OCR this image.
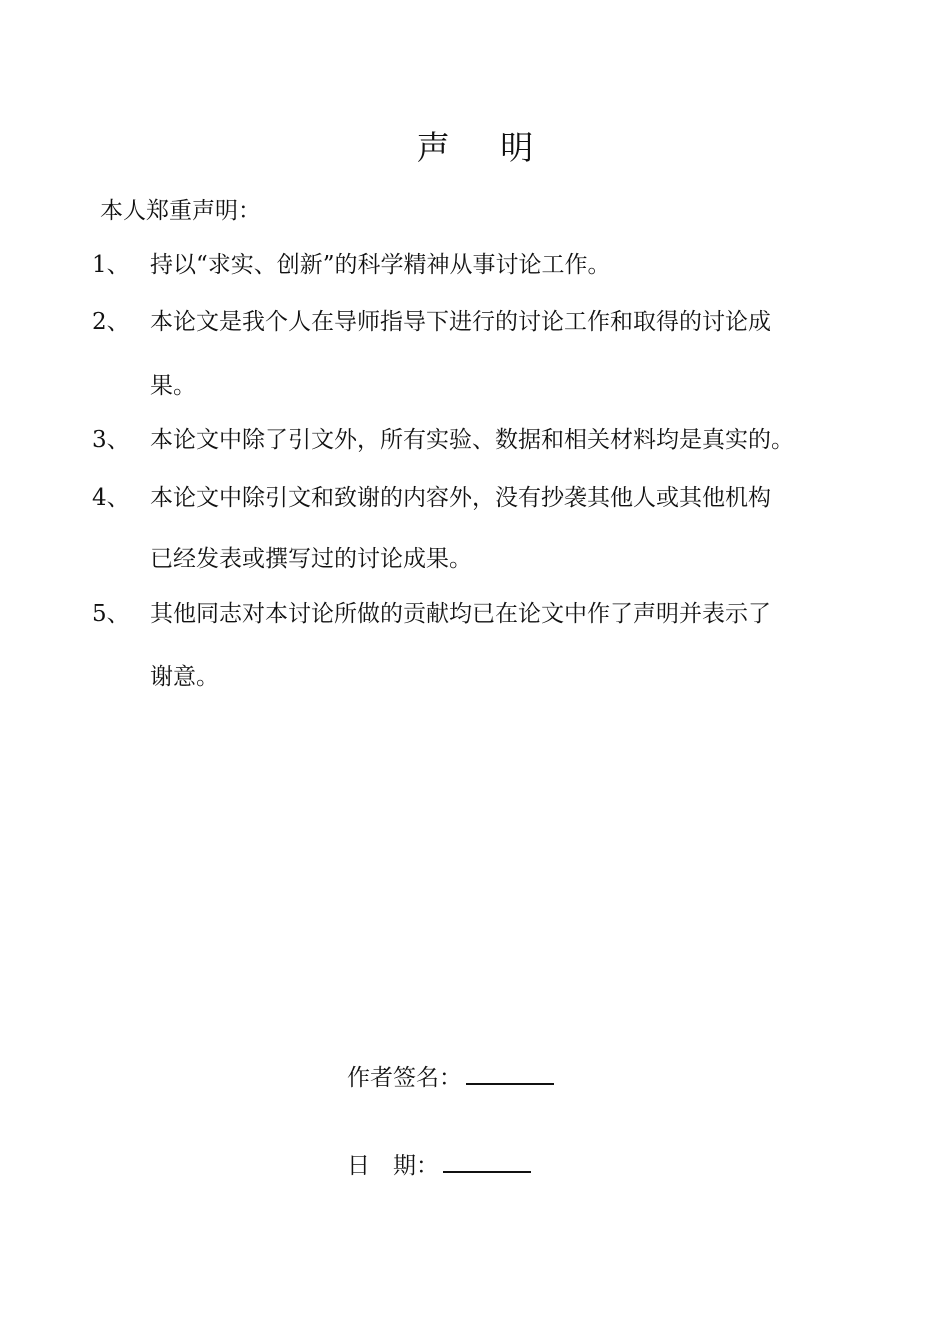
声 明
本人郑重声明：
1、 持以“求实、创新”的科学精神从事讨论工作。
2、 本论文是我个人在导师指导下进行的讨论工作和取得的讨论成
果。
3、 本论文中除了引文外，所有实验、数据和相关材料均是真实的。
4、 本论文中除引文和致谢的内容外，没有抄袭其他人或其他机构
已经发表或撰写过的讨论成果。
5、 其他同志对本讨论所做的贡献均已在论文中作了声明并表示了
谢意。
作者签名：
日　期：
